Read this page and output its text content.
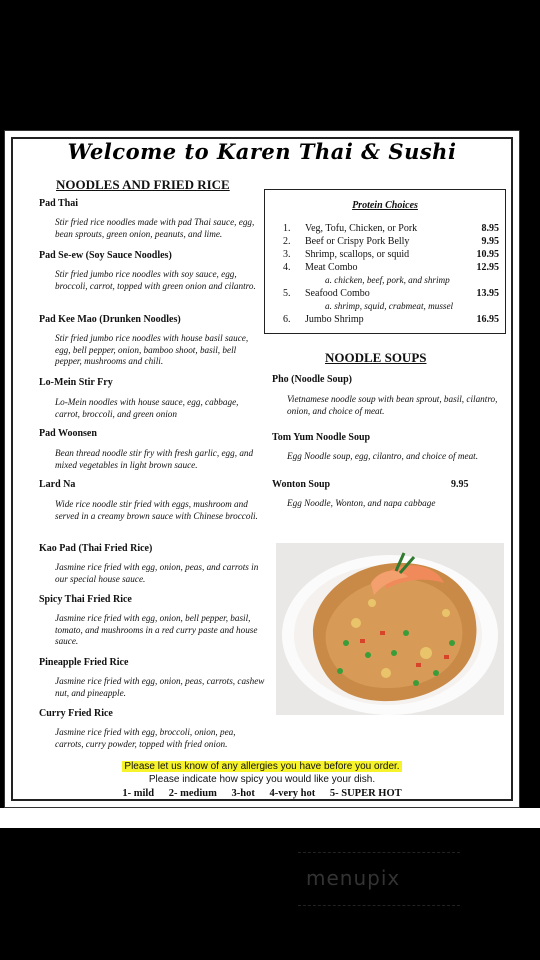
Welcome to Karen Thai & Sushi
NOODLES AND FRIED RICE
Pad Thai
Stir fried rice noodles made with pad Thai sauce, egg, bean sprouts, green onion, peanuts, and lime.
Pad Se-ew (Soy Sauce Noodles)
Stir fried jumbo rice noodles with soy sauce, egg, broccoli, carrot, topped with green onion and cilantro.
Pad Kee Mao (Drunken Noodles)
Stir fried jumbo rice noodles with house basil sauce, egg, bell pepper, onion, bamboo shoot, basil, bell pepper, mushrooms and chili.
Lo-Mein Stir Fry
Lo-Mein noodles with house sauce, egg, cabbage, carrot, broccoli, and green onion
Pad Woonsen
Bean thread noodle stir fry with fresh garlic, egg, and mixed vegetables in light brown sauce.
Lard Na
Wide rice noodle stir fried with eggs, mushroom and served in a creamy brown sauce with Chinese broccoli.
Kao Pad (Thai Fried Rice)
Jasmine rice fried with egg, onion, peas, and carrots in our special house sauce.
Spicy Thai Fried Rice
Jasmine rice fried with egg, onion, bell pepper, basil, tomato, and mushrooms in a red curry paste and house sauce.
Pineapple Fried Rice
Jasmine rice fried with egg, onion, peas, carrots, cashew nut, and pineapple.
Curry Fried Rice
Jasmine rice fried with egg, broccoli, onion, pea, carrots, curry powder, topped with fried onion.
Protein Choices
1. Veg, Tofu, Chicken, or Pork	8.95
2. Beef or Crispy Pork Belly	9.95
3. Shrimp, scallops, or squid	10.95
4. Meat Combo	12.95
a. chicken, beef, pork, and shrimp
5. Seafood Combo	13.95
a. shrimp, squid, crabmeat, mussel
6. Jumbo Shrimp	16.95
NOODLE SOUPS
Pho (Noodle Soup)
Vietnamese noodle soup with bean sprout, basil, cilantro, onion, and choice of meat.
Tom Yum Noodle Soup
Egg Noodle soup, egg, cilantro, and choice of meat.
Wonton Soup	9.95
Egg Noodle, Wonton, and napa cabbage
Please let us know of any allergies you have before you order.
Please indicate how spicy you would like your dish.
1- mild 2- medium 3-hot 4-very hot 5- SUPER HOT
menupix
